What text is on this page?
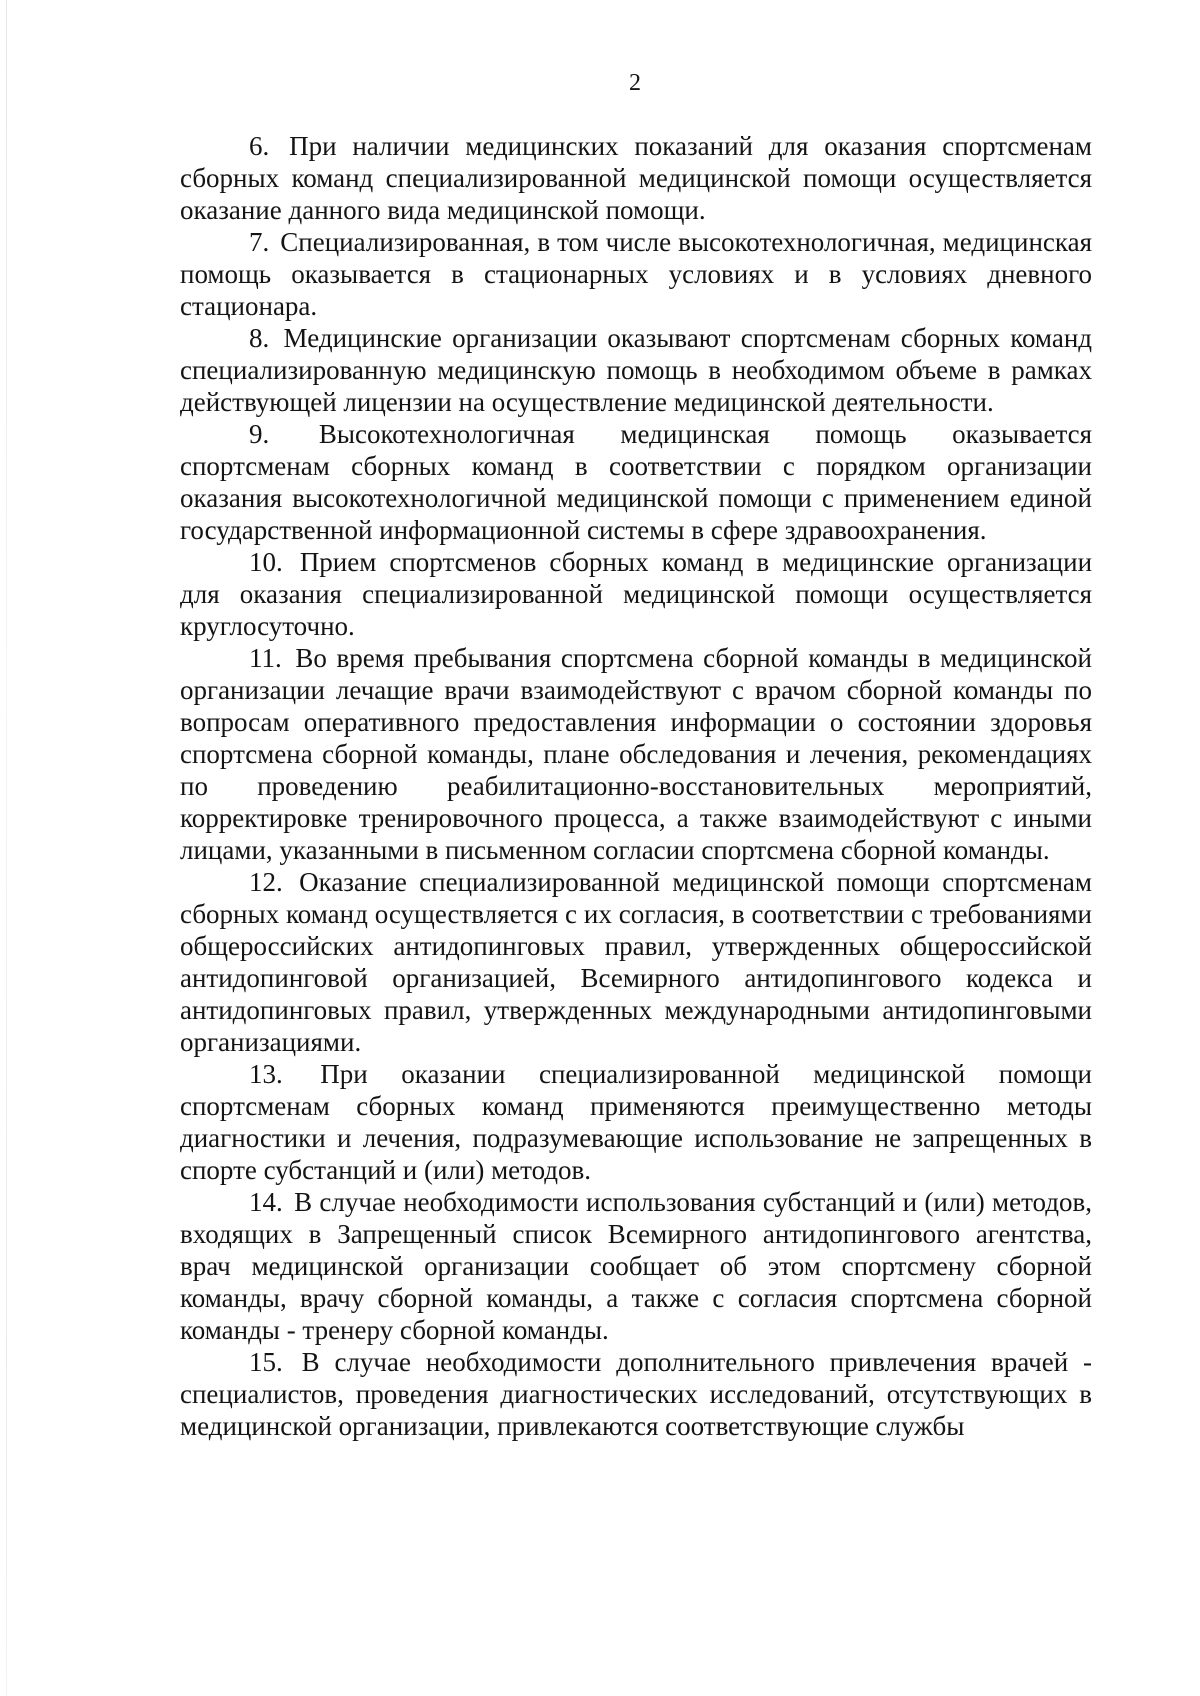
2

6. При наличии медицинских показаний для оказания спортсменам сборных команд специализированной медицинской помощи осуществляется оказание данного вида медицинской помощи.

7. Специализированная, в том числе высокотехнологичная, медицинская помощь оказывается в стационарных условиях и в условиях дневного стационара.

8. Медицинские организации оказывают спортсменам сборных команд специализированную медицинскую помощь в необходимом объеме в рамках действующей лицензии на осуществление медицинской деятельности.

9. Высокотехнологичная медицинская помощь оказывается спортсменам сборных команд в соответствии с порядком организации оказания высокотехнологичной медицинской помощи с применением единой государственной информационной системы в сфере здравоохранения.

10. Прием спортсменов сборных команд в медицинские организации для оказания специализированной медицинской помощи осуществляется круглосуточно.

11. Во время пребывания спортсмена сборной команды в медицинской организации лечащие врачи взаимодействуют с врачом сборной команды по вопросам оперативного предоставления информации о состоянии здоровья спортсмена сборной команды, плане обследования и лечения, рекомендациях по проведению реабилитационно-восстановительных мероприятий, корректировке тренировочного процесса, а также взаимодействуют с иными лицами, указанными в письменном согласии спортсмена сборной команды.

12. Оказание специализированной медицинской помощи спортсменам сборных команд осуществляется с их согласия, в соответствии с требованиями общероссийских антидопинговых правил, утвержденных общероссийской антидопинговой организацией, Всемирного антидопингового кодекса и антидопинговых правил, утвержденных международными антидопинговыми организациями.

13. При оказании специализированной медицинской помощи спортсменам сборных команд применяются преимущественно методы диагностики и лечения, подразумевающие использование не запрещенных в спорте субстанций и (или) методов.

14. В случае необходимости использования субстанций и (или) методов, входящих в Запрещенный список Всемирного антидопингового агентства, врач медицинской организации сообщает об этом спортсмену сборной команды, врачу сборной команды, а также с согласия спортсмена сборной команды - тренеру сборной команды.

15. В случае необходимости дополнительного привлечения врачей - специалистов, проведения диагностических исследований, отсутствующих в медицинской организации, привлекаются соответствующие службы
